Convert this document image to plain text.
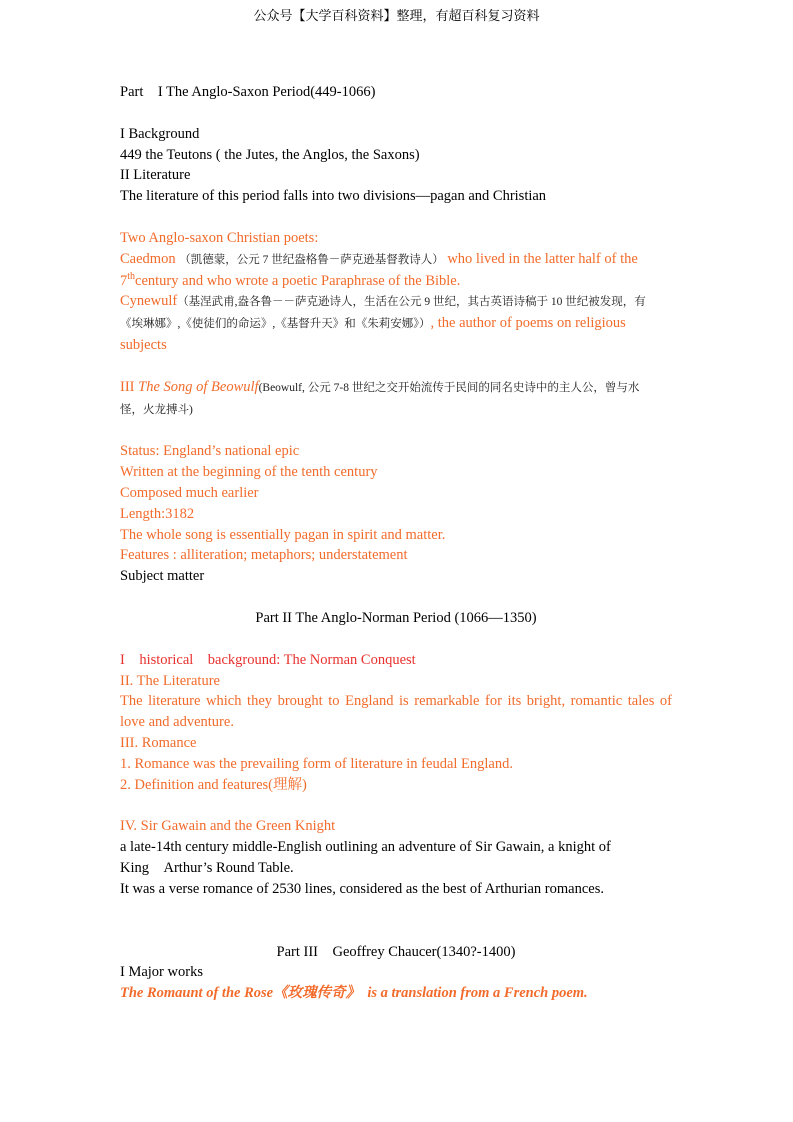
公众号【大学百科资料】整理，有超百科复习资料

Part　I The Anglo-Saxon Period(449-1066)

I Background

449 the Teutons ( the Jutes, the Anglos, the Saxons)

II Literature

The literature of this period falls into two divisions—pagan and Christian

Two Anglo-saxon Christian poets:

Caedmon （凯德蒙，公元 7 世纪盎格鲁－萨克逊基督教诗人） who lived in the latter half of the

7thcentury and who wrote a poetic Paraphrase of the Bible.

Cynewulf（基涅武甫,盎各鲁－－萨克逊诗人，生活在公元 9 世纪，其古英语诗稿于 10 世纪被发现，有

《埃琳娜》,《使徒们的命运》,《基督升天》和《朱莉安娜》）, the author of poems on religious

subjects

III The Song of Beowulf(Beowulf, 公元 7-8 世纪之交开始流传于民间的同名史诗中的主人公，曾与水

怪，火龙搏斗)

Status: England’s national epic

Written at the beginning of the tenth century

Composed much earlier

Length:3182

The whole song is essentially pagan in spirit and matter.

Features : alliteration; metaphors; understatement

Subject matter

Part II The Anglo-Norman Period (1066—1350)

I　historical　background: The Norman Conquest

II. The Literature

The literature which they brought to England is remarkable for its bright, romantic tales of love and adventure.

III. Romance

1. Romance was the prevailing form of literature in feudal England.

2. Definition and features(理解)

IV. Sir Gawain and the Green Knight

a late-14th century middle-English outlining an adventure of Sir Gawain, a knight of

King　Arthur’s Round Table.

It was a verse romance of 2530 lines, considered as the best of Arthurian romances.

Part III　Geoffrey Chaucer(1340?-1400)

I Major works

The Romaunt of the Rose《玫瑰传奇》　is a translation from a French poem.
